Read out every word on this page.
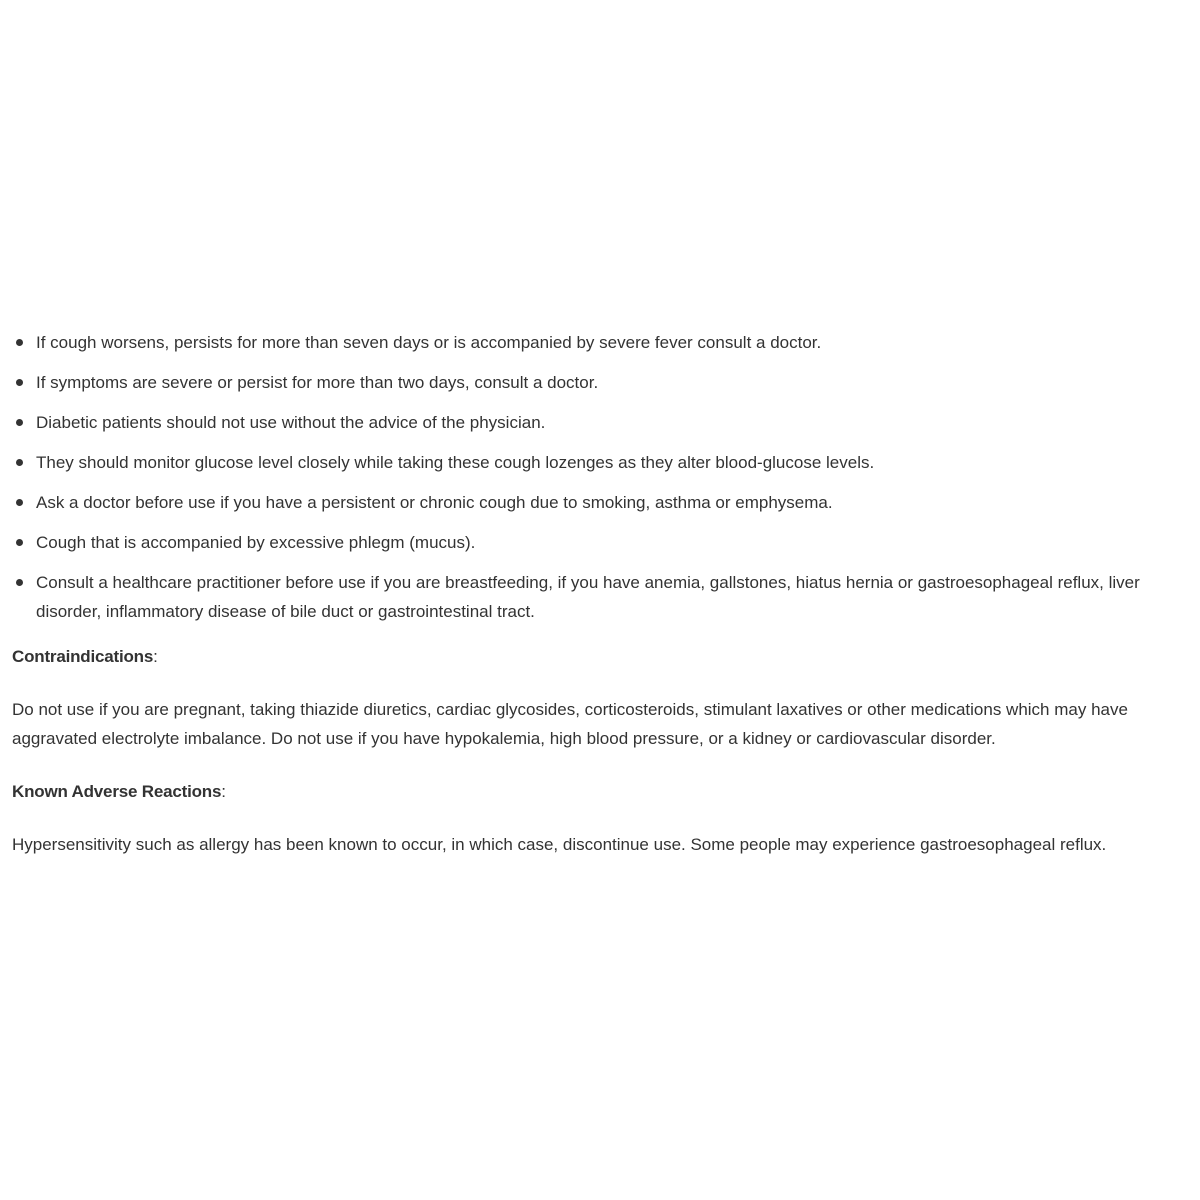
If cough worsens, persists for more than seven days or is accompanied by severe fever consult a doctor.
If symptoms are severe or persist for more than two days, consult a doctor.
Diabetic patients should not use without the advice of the physician.
They should monitor glucose level closely while taking these cough lozenges as they alter blood-glucose levels.
Ask a doctor before use if you have a persistent or chronic cough due to smoking, asthma or emphysema.
Cough that is accompanied by excessive phlegm (mucus).
Consult a healthcare practitioner before use if you are breastfeeding, if you have anemia, gallstones, hiatus hernia or gastroesophageal reflux, liver disorder, inflammatory disease of bile duct or gastrointestinal tract.
Contraindications:
Do not use if you are pregnant, taking thiazide diuretics, cardiac glycosides, corticosteroids, stimulant laxatives or other medications which may have aggravated electrolyte imbalance. Do not use if you have hypokalemia, high blood pressure, or a kidney or cardiovascular disorder.
Known Adverse Reactions:
Hypersensitivity such as allergy has been known to occur, in which case, discontinue use. Some people may experience gastroesophageal reflux.
